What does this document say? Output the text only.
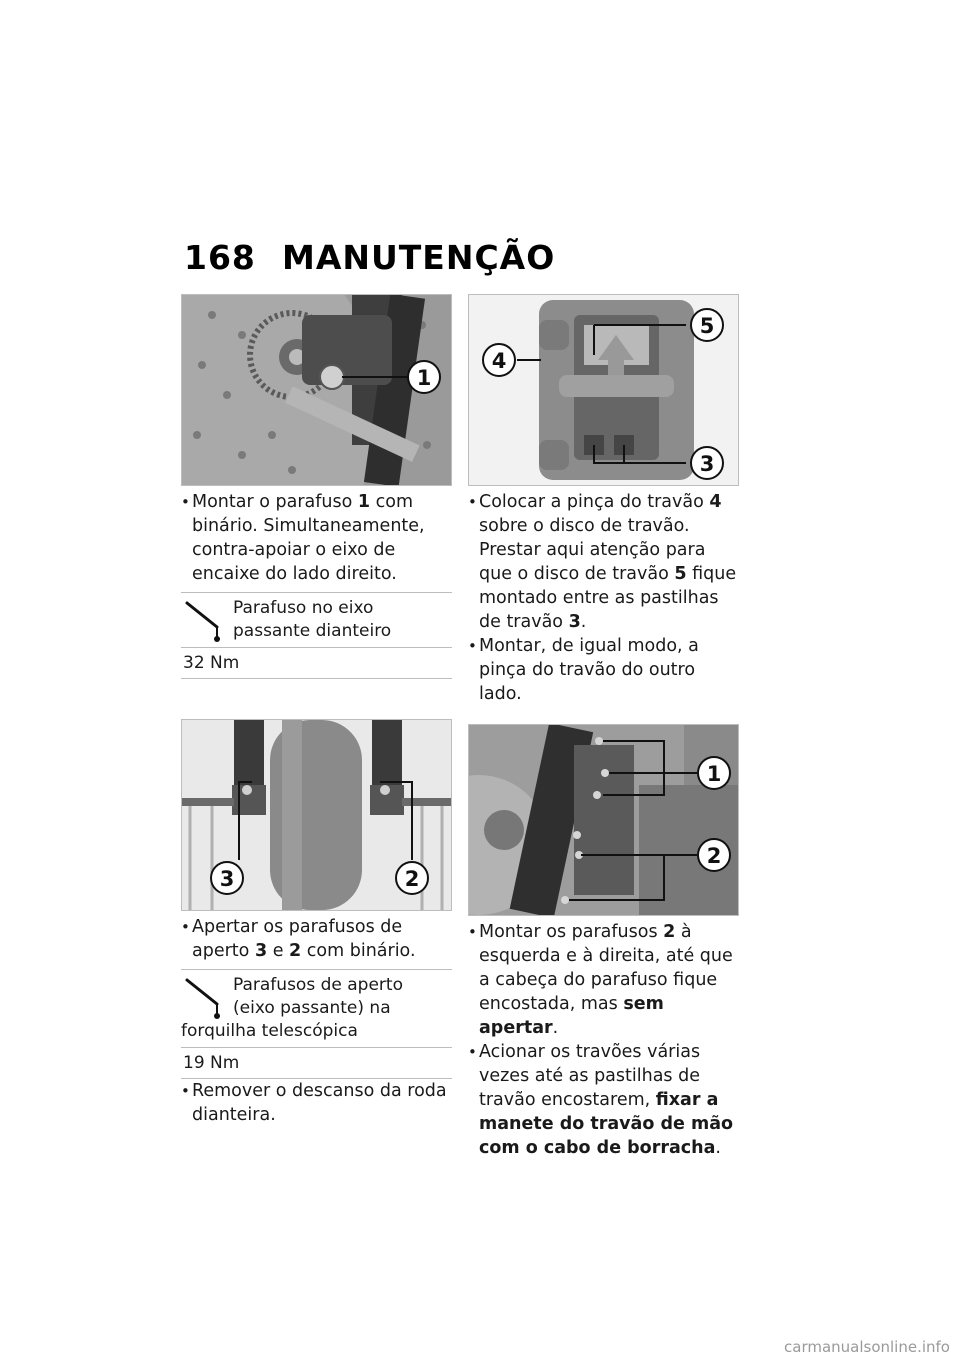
168 MANUTENÇÃO
1
• Montar o parafuso 1 com binário. Simultaneamente, contra-apoiar o eixo de encaixe do lado direito.
Parafuso no eixo passante dianteiro
32 Nm
3	2
• Apertar os parafusos de aperto 3 e 2 com binário.
Parafusos de aperto (eixo passante) na forquilha telescópica
19 Nm
• Remover o descanso da roda dianteira.
5
4
3
• Colocar a pinça do travão 4 sobre o disco de travão. Prestar aqui atenção para que o disco de travão 5 fique montado entre as pastilhas de travão 3.
• Montar, de igual modo, a pinça do travão do outro lado.
1
2
• Montar os parafusos 2 à esquerda e à direita, até que a cabeça do parafuso fique encostada, mas sem apertar.
• Acionar os travões várias vezes até as pastilhas de travão encostarem, fixar a manete do travão de mão com o cabo de borracha.
carmanualsonline.info
